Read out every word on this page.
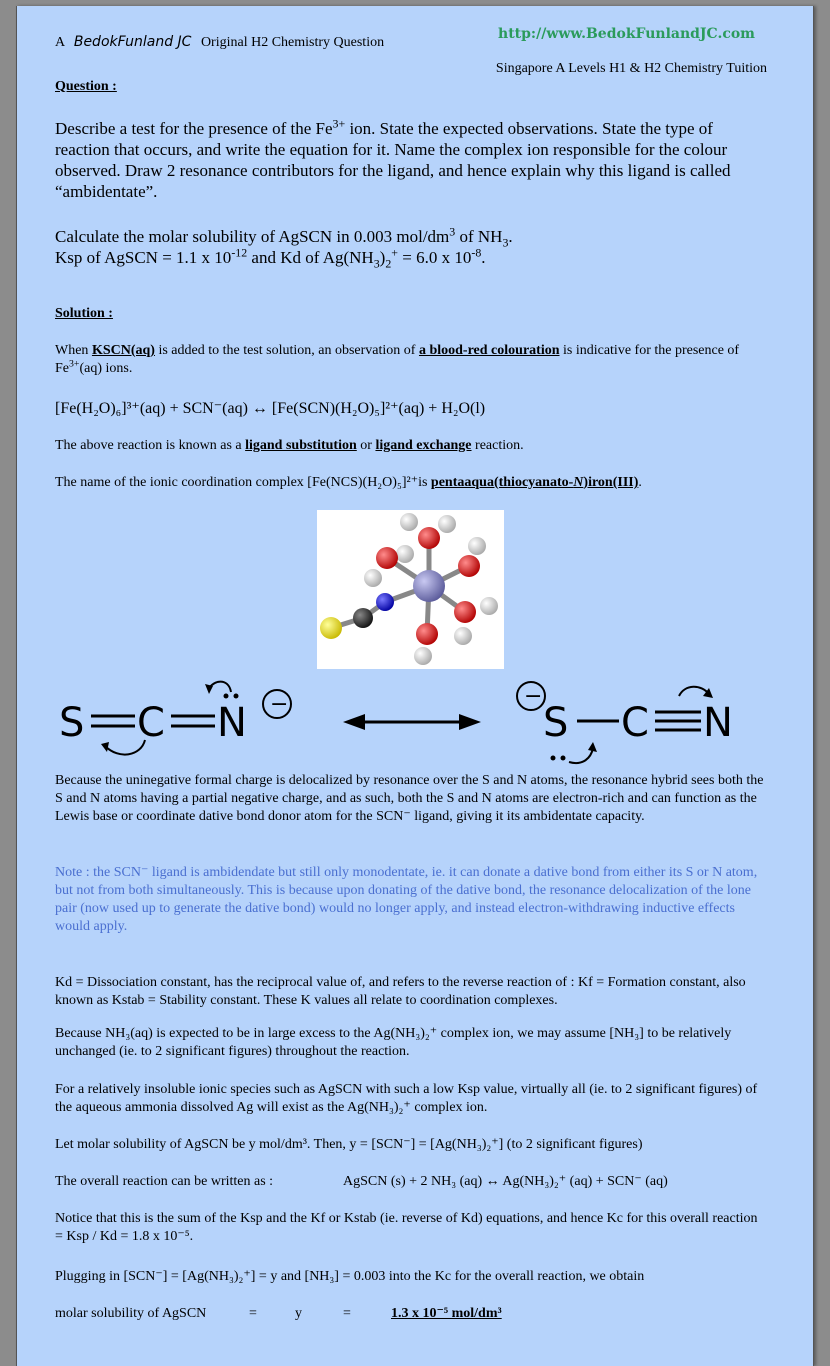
A BedokFunland JC Original H2 Chemistry Question
http://www.BedokFunlandJC.com
Singapore A Levels H1 & H2 Chemistry Tuition
Question :
Describe a test for the presence of the $Fe^{3+}$ ion. State the expected observations. State the type of reaction that occurs, and write the equation for it. Name the complex ion responsible for the colour observed. Draw 2 resonance contributors for the ligand, and hence explain why this ligand is called “ambidentate”.
Calculate the molar solubility of AgSCN in 0.003 mol/$dm^3$ of $NH_3$.
Ksp of AgSCN = 1.1 x $10^{-12}$ and Kd of $Ag(NH_3)_2^+ = 6.0$ x $10^{-8}$.
Solution :
When KSCN(aq) is added to the test solution, an observation of a blood-red colouration is indicative for the presence of $Fe^{3+}(aq)$ ions.
[Fe(H₂O)₆]³⁺(aq) + SCN⁻(aq) ↔ [Fe(SCN)(H₂O)₅]²⁺(aq) + H₂O(l)
The above reaction is known as a ligand substitution or ligand exchange reaction.
The name of the ionic coordination complex [Fe(NCS)(H₂O)₅]²⁺is pentaaqua(thiocyanato-N)iron(III).
S C N −	−
S C N
Because the uninegative formal charge is delocalized by resonance over the S and N atoms, the resonance hybrid sees both the S and N atoms having a partial negative charge, and as such, both the S and N atoms are electron-rich and can function as the Lewis base or coordinate dative bond donor atom for the SCN⁻ ligand, giving it its ambidentate capacity.
Note : the SCN⁻ ligand is ambidendate but still only monodentate, ie. it can donate a dative bond from either its S or N atom, but not from both simultaneously. This is because upon donating of the dative bond, the resonance delocalization of the lone pair (now used up to generate the dative bond) would no longer apply, and instead electron-withdrawing inductive effects would apply.
Kd = Dissociation constant, has the reciprocal value of, and refers to the reverse reaction of : Kf = Formation constant, also known as Kstab = Stability constant. These K values all relate to coordination complexes.
Because NH₃(aq) is expected to be in large excess to the Ag(NH₃)₂⁺ complex ion, we may assume [NH₃] to be relatively unchanged (ie. to 2 significant figures) throughout the reaction.
For a relatively insoluble ionic species such as AgSCN with such a low Ksp value, virtually all (ie. to 2 significant figures) of the aqueous ammonia dissolved Ag will exist as the Ag(NH₃)₂⁺ complex ion.
Let molar solubility of AgSCN be y mol/dm³. Then, y = [SCN⁻] = [Ag(NH₃)₂⁺] (to 2 significant figures)
The overall reaction can be written as :	AgSCN (s) + 2 NH₃ (aq) ↔ Ag(NH₃)₂⁺ (aq) + SCN⁻ (aq)
Notice that this is the sum of the Ksp and the Kf or Kstab (ie. reverse of Kd) equations, and hence Kc for this overall reaction = Ksp / Kd = 1.8 x 10⁻⁵.
Plugging in [SCN⁻] = [Ag(NH₃)₂⁺] = y and [NH₃] = 0.003 into the Kc for the overall reaction, we obtain
molar solubility of AgSCN	=	y	=	1.3 x 10⁻⁵ mol/dm³
